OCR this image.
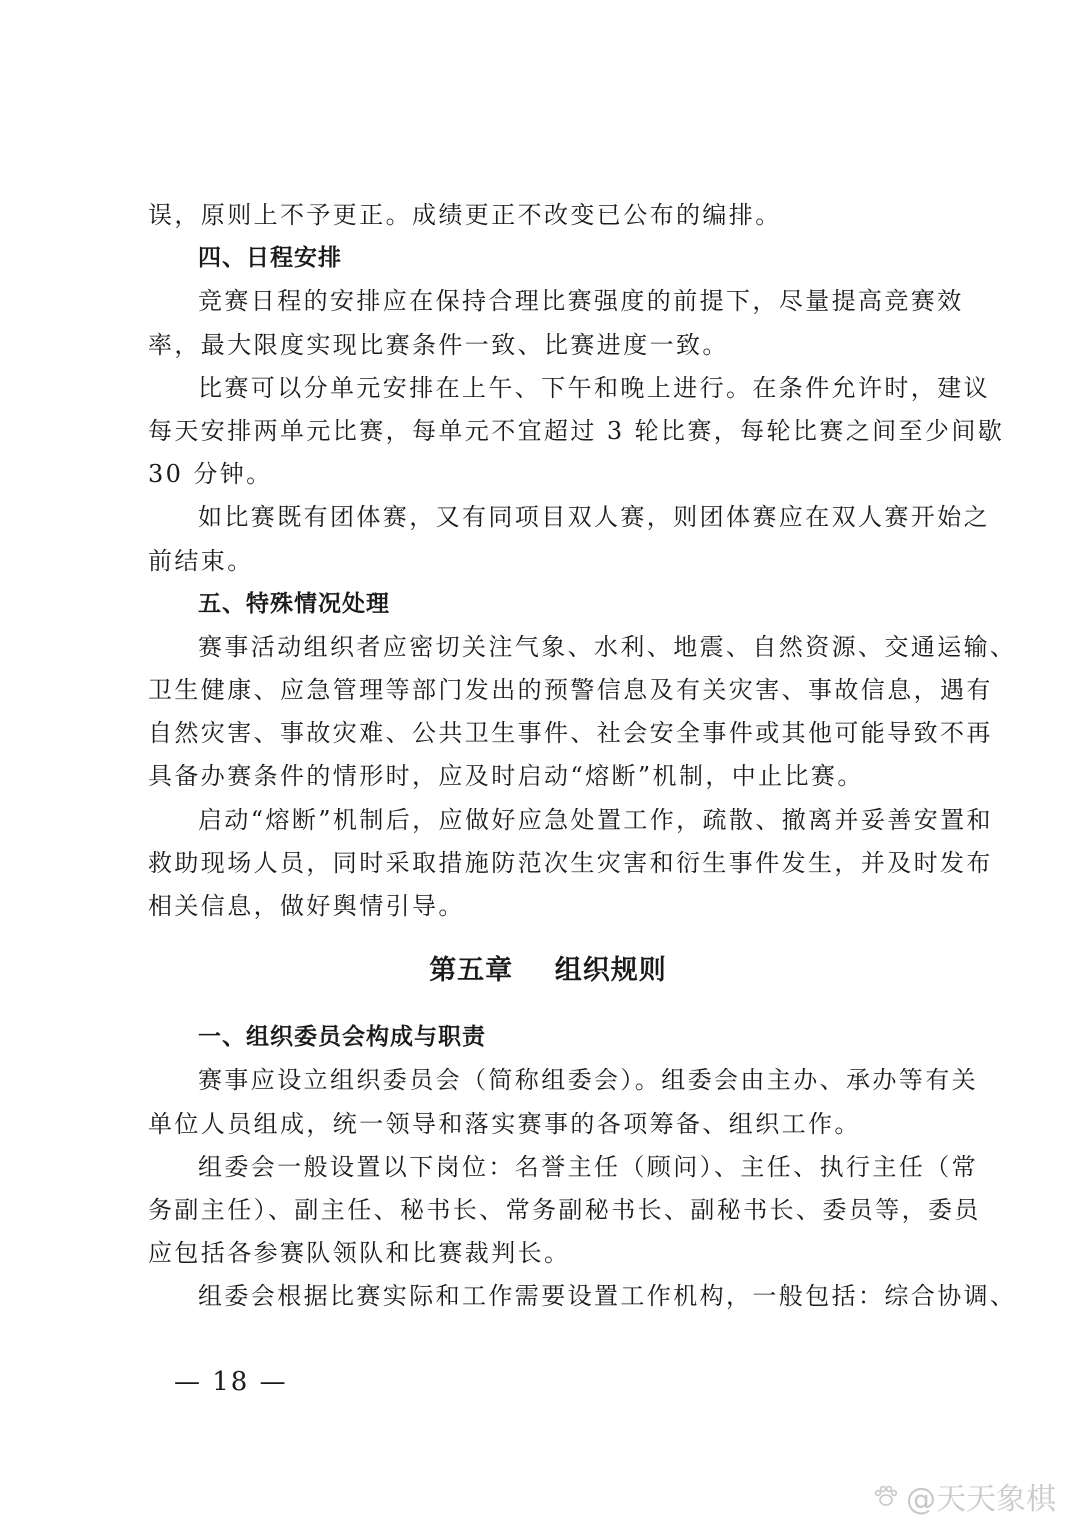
误，原则上不予更正。成绩更正不改变已公布的编排。
四、日程安排
竞赛日程的安排应在保持合理比赛强度的前提下，尽量提高竞赛效
率，最大限度实现比赛条件一致、比赛进度一致。
比赛可以分单元安排在上午、下午和晚上进行。在条件允许时，建议
每天安排两单元比赛，每单元不宜超过 3 轮比赛，每轮比赛之间至少间歇
30 分钟。
如比赛既有团体赛，又有同项目双人赛，则团体赛应在双人赛开始之
前结束。
五、特殊情况处理
赛事活动组织者应密切关注气象、水利、地震、自然资源、交通运输、
卫生健康、应急管理等部门发出的预警信息及有关灾害、事故信息，遇有
自然灾害、事故灾难、公共卫生事件、社会安全事件或其他可能导致不再
具备办赛条件的情形时，应及时启动“熔断”机制，中止比赛。
启动“熔断”机制后，应做好应急处置工作，疏散、撤离并妥善安置和
救助现场人员，同时采取措施防范次生灾害和衍生事件发生，并及时发布
相关信息，做好舆情引导。
第五章    组织规则
一、组织委员会构成与职责
赛事应设立组织委员会（简称组委会）。组委会由主办、承办等有关
单位人员组成，统一领导和落实赛事的各项筹备、组织工作。
组委会一般设置以下岗位：名誉主任（顾问）、主任、执行主任（常
务副主任）、副主任、秘书长、常务副秘书长、副秘书长、委员等，委员
应包括各参赛队领队和比赛裁判长。
组委会根据比赛实际和工作需要设置工作机构，一般包括：综合协调、
— 18 —
@天天象棋
